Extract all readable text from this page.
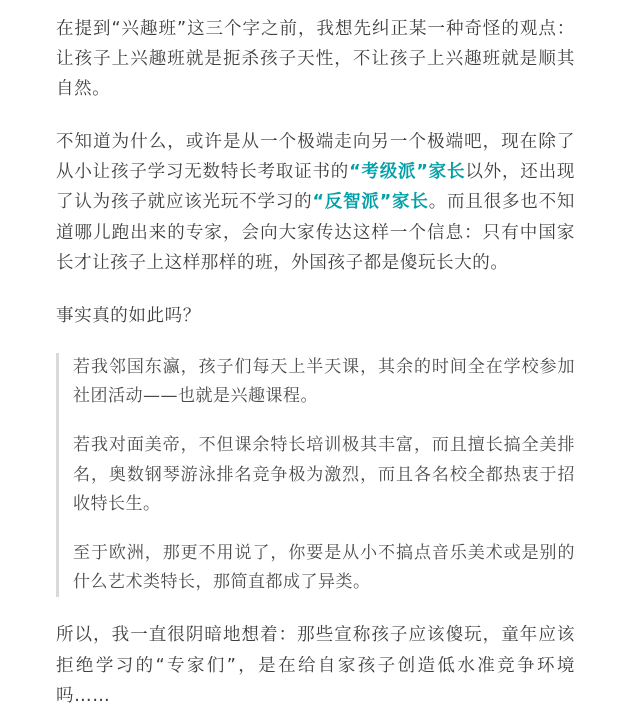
在提到“兴趣班”这三个字之前，我想先纠正某一种奇怪的观点：让孩子上兴趣班就是扼杀孩子天性，不让孩子上兴趣班就是顺其自然。

不知道为什么，或许是从一个极端走向另一个极端吧，现在除了从小让孩子学习无数特长考取证书的“考级派”家长以外，还出现了认为孩子就应该光玩不学习的“反智派”家长。而且很多也不知道哪儿跑出来的专家，会向大家传达这样一个信息：只有中国家长才让孩子上这样那样的班，外国孩子都是傻玩长大的。

事实真的如此吗？

若我邻国东瀛，孩子们每天上半天课，其余的时间全在学校参加社团活动——也就是兴趣课程。

若我对面美帝，不但课余特长培训极其丰富，而且擅长搞全美排名，奥数钢琴游泳排名竞争极为激烈，而且各名校全都热衷于招收特长生。

至于欧洲，那更不用说了，你要是从小不搞点音乐美术或是别的什么艺术类特长，那简直都成了异类。

所以，我一直很阴暗地想着：那些宣称孩子应该傻玩，童年应该拒绝学习的“专家们”，是在给自家孩子创造低水准竞争环境吗……
